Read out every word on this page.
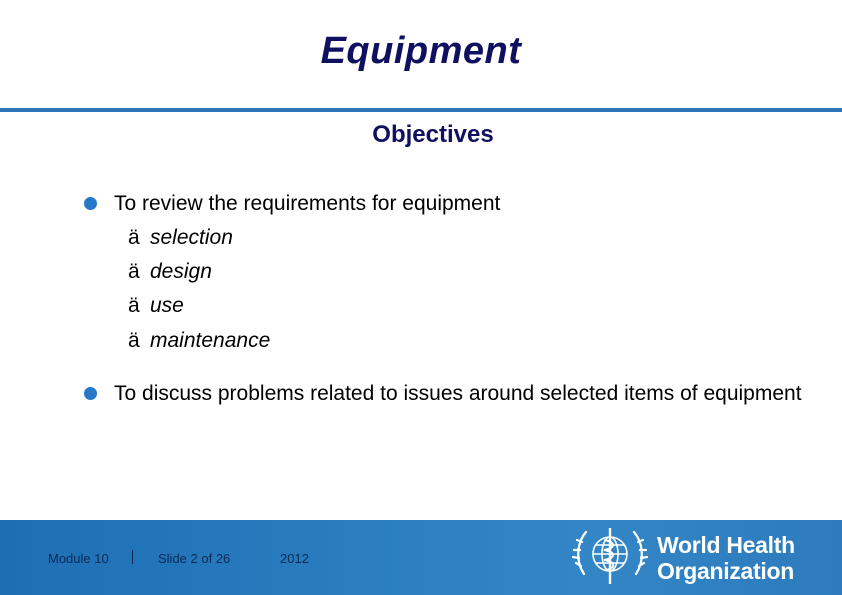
Equipment
Objectives
To review the requirements for equipment
ä selection
ä design
ä use
ä maintenance
To discuss problems related to issues around selected items of equipment
Module 10	Slide 2 of 26	2012
World Health
Organization
